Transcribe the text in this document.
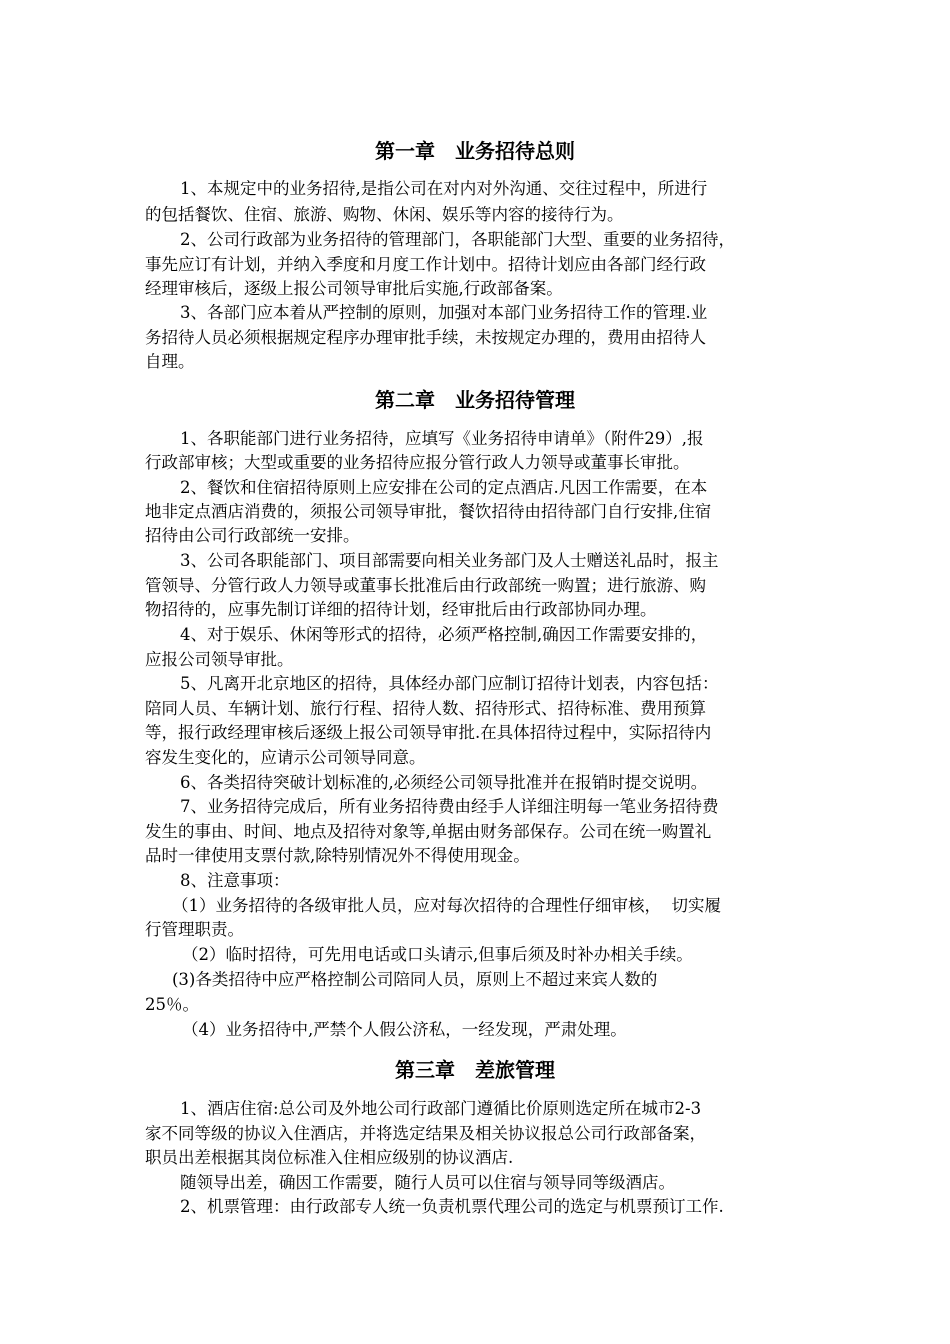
第一章　业务招待总则
1、本规定中的业务招待,是指公司在对内对外沟通、交往过程中，所进行
的包括餐饮、住宿、旅游、购物、休闲、娱乐等内容的接待行为。
2、公司行政部为业务招待的管理部门，各职能部门大型、重要的业务招待，
事先应订有计划，并纳入季度和月度工作计划中。招待计划应由各部门经行政
经理审核后，逐级上报公司领导审批后实施,行政部备案。
3、各部门应本着从严控制的原则，加强对本部门业务招待工作的管理.业
务招待人员必须根据规定程序办理审批手续，未按规定办理的，费用由招待人
自理。
第二章　业务招待管理
1、各职能部门进行业务招待，应填写《业务招待申请单》（附件29）,报
行政部审核；大型或重要的业务招待应报分管行政人力领导或董事长审批。
2、餐饮和住宿招待原则上应安排在公司的定点酒店.凡因工作需要，在本
地非定点酒店消费的，须报公司领导审批，餐饮招待由招待部门自行安排,住宿
招待由公司行政部统一安排。
3、公司各职能部门、项目部需要向相关业务部门及人士赠送礼品时，报主
管领导、分管行政人力领导或董事长批准后由行政部统一购置；进行旅游、购
物招待的，应事先制订详细的招待计划，经审批后由行政部协同办理。
4、对于娱乐、休闲等形式的招待，必须严格控制,确因工作需要安排的，
应报公司领导审批。
5、凡离开北京地区的招待，具体经办部门应制订招待计划表，内容包括：
陪同人员、车辆计划、旅行行程、招待人数、招待形式、招待标准、费用预算
等，报行政经理审核后逐级上报公司领导审批.在具体招待过程中，实际招待内
容发生变化的，应请示公司领导同意。
6、各类招待突破计划标准的,必须经公司领导批准并在报销时提交说明。
7、业务招待完成后，所有业务招待费由经手人详细注明每一笔业务招待费
发生的事由、时间、地点及招待对象等,单据由财务部保存。公司在统一购置礼
品时一律使用支票付款,除特别情况外不得使用现金。
8、注意事项：
（1）业务招待的各级审批人员，应对每次招待的合理性仔细审核，  切实履
行管理职责。
（2）临时招待，可先用电话或口头请示,但事后须及时补办相关手续。
(3)各类招待中应严格控制公司陪同人员，原则上不超过来宾人数的
25％。
（4）业务招待中,严禁个人假公济私，一经发现，严肃处理。
第三章　差旅管理
1、酒店住宿:总公司及外地公司行政部门遵循比价原则选定所在城市2-3
家不同等级的协议入住酒店，并将选定结果及相关协议报总公司行政部备案，
职员出差根据其岗位标准入住相应级别的协议酒店.
随领导出差，确因工作需要，随行人员可以住宿与领导同等级酒店。
2、机票管理：由行政部专人统一负责机票代理公司的选定与机票预订工作.
